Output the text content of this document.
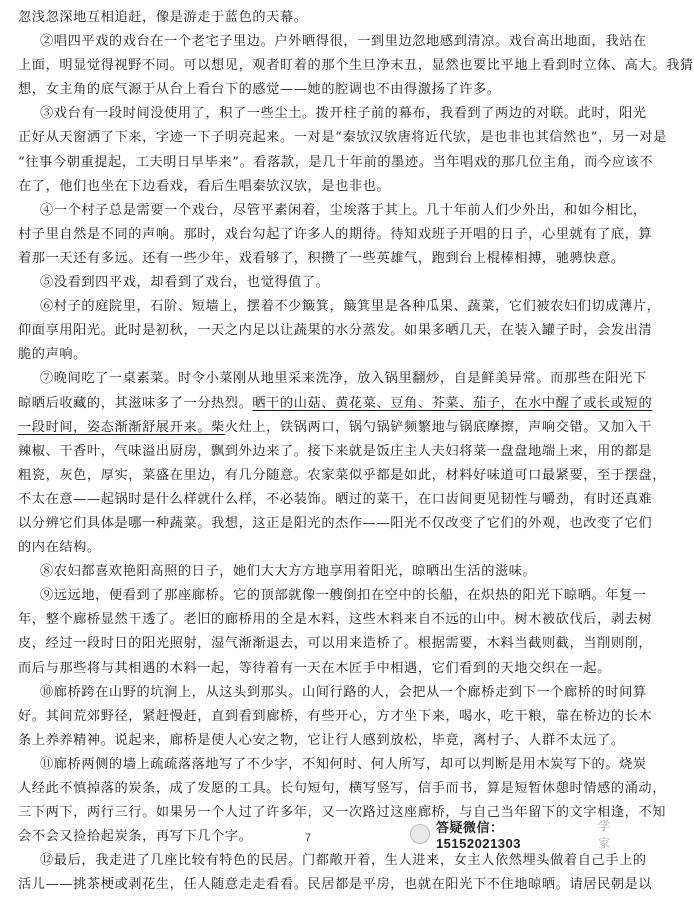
忽浅忽深地互相追赶，像是游走于蓝色的天幕。
②唱四平戏的戏台在一个老宅子里边。户外晒得很，一到里边忽地感到清凉。戏台高出地面，我站在
上面，明显觉得视野不同。可以想见，观者盯着的那个生旦净末丑，显然也要比平地上看到时立体、高大。我猜
想，女主角的底气源于从台上看台下的感觉——她的腔调也不由得激扬了许多。
③戏台有一段时间没使用了，积了一些尘土。拨开柱子前的幕布，我看到了两边的对联。此时，阳光
正好从天窗洒了下来，字迹一下子明亮起来。一对是“秦欤汉欤唐将近代欤，是也非也其信然也”，另一对是
“往事今朝重提起，工夫明日早毕来”。看落款，是几十年前的墨迹。当年唱戏的那几位主角，而今应该不
在了，他们也坐在下边看戏，看后生唱秦欤汉欤，是也非也。
④一个村子总是需要一个戏台，尽管平素闲着，尘埃落于其上。几十年前人们少外出，和如今相比，
村子里自然是不同的声响。那时，戏台勾起了许多人的期待。待知戏班子开唱的日子，心里就有了底，算
着那一天还有多远。还有一些少年，戏看够了，积攒了一些英雄气，跑到台上棍棒相搏，驰骋快意。
⑤没看到四平戏，却看到了戏台，也觉得值了。
⑥村子的庭院里，石阶、短墙上，摆着不少簸箕，簸箕里是各种瓜果、蔬菜，它们被农妇们切成薄片，
仰面享用阳光。此时是初秋，一天之内足以让蔬果的水分蒸发。如果多晒几天，在装入罐子时，会发出清
脆的声响。
⑦晚间吃了一桌素菜。时令小菜刚从地里采来洗净，放入锅里翻炒，自是鲜美异常。而那些在阳光下
晾晒后收藏的，其滋味多了一分热烈。晒干的山菇、黄花菜、豆角、芥菜、茄子，在水中醒了或长或短的
一段时间，姿态渐渐舒展开来。柴火灶上，铁锅两口，锅勺锅铲频繁地与锅底摩擦，声响交错。又加入干
辣椒、干香叶，气味溢出厨房，飘到外边来了。接下来就是饭庄主人夫妇将菜一盘盘地端上来，用的都是
粗瓷，灰色，厚实，菜盛在里边，有几分随意。农家菜似乎都是如此，材料好味道可口最紧要，至于摆盘，
不太在意——起锅时是什么样就什么样，不必装饰。晒过的菜干，在口齿间更见韧性与嚼劲，有时还真难
以分辨它们具体是哪一种蔬菜。我想，这正是阳光的杰作——阳光不仅改变了它们的外观，也改变了它们
的内在结构。
⑧农妇都喜欢艳阳高照的日子，她们大大方方地享用着阳光，晾晒出生活的滋味。
⑨远远地，便看到了那座廊桥。它的顶部就像一艘倒扣在空中的长船，在炽热的阳光下晾晒。年复一
年，整个廊桥显然干透了。老旧的廊桥用的全是木料，这些木料来自不远的山中。树木被砍伐后，剥去树
皮，经过一段时日的阳光照射，湿气渐渐退去，可以用来造桥了。根据需要，木料当截则截，当削则削，
而后与那些将与其相遇的木料一起，等待着有一天在木匠手中相遇，它们看到的天地交织在一起。
⑩廊桥跨在山野的坑涧上，从这头到那头。山间行路的人，会把从一个廊桥走到下一个廊桥的时间算
好。其间荒郊野径，紧赶慢赶，直到看到廊桥，有些开心，方才坐下来，喝水，吃干粮，靠在桥边的长木
条上养养精神。说起来，廊桥是使人心安之物，它让行人感到放松，毕竟，离村子、人群不太远了。
⑪廊桥两侧的墙上疏疏落落地写了不少字，不知何时、何人所写，却可以判断是用木炭写下的。烧炭
人经此不慎掉落的炭条，成了发愿的工具。长句短句，横写竖写，信手而书，算是短暂休憩时情感的涌动，
三下两下，两行三行。如果另一个人过了许多年，又一次路过这座廊桥，与自己当年留下的文字相逢，不知
会不会又捡拾起炭条，再写下几个字。
⑫最后，我走进了几座比较有特色的民居。门都敞开着，生人进来，女主人依然埋头做着自己手上的
活儿——挑茶梗或剥花生，任人随意走走看看。民居都是平房，也就在阳光下不住地晾晒。请居民朝是以
7
答疑微信：15152021303
学家
